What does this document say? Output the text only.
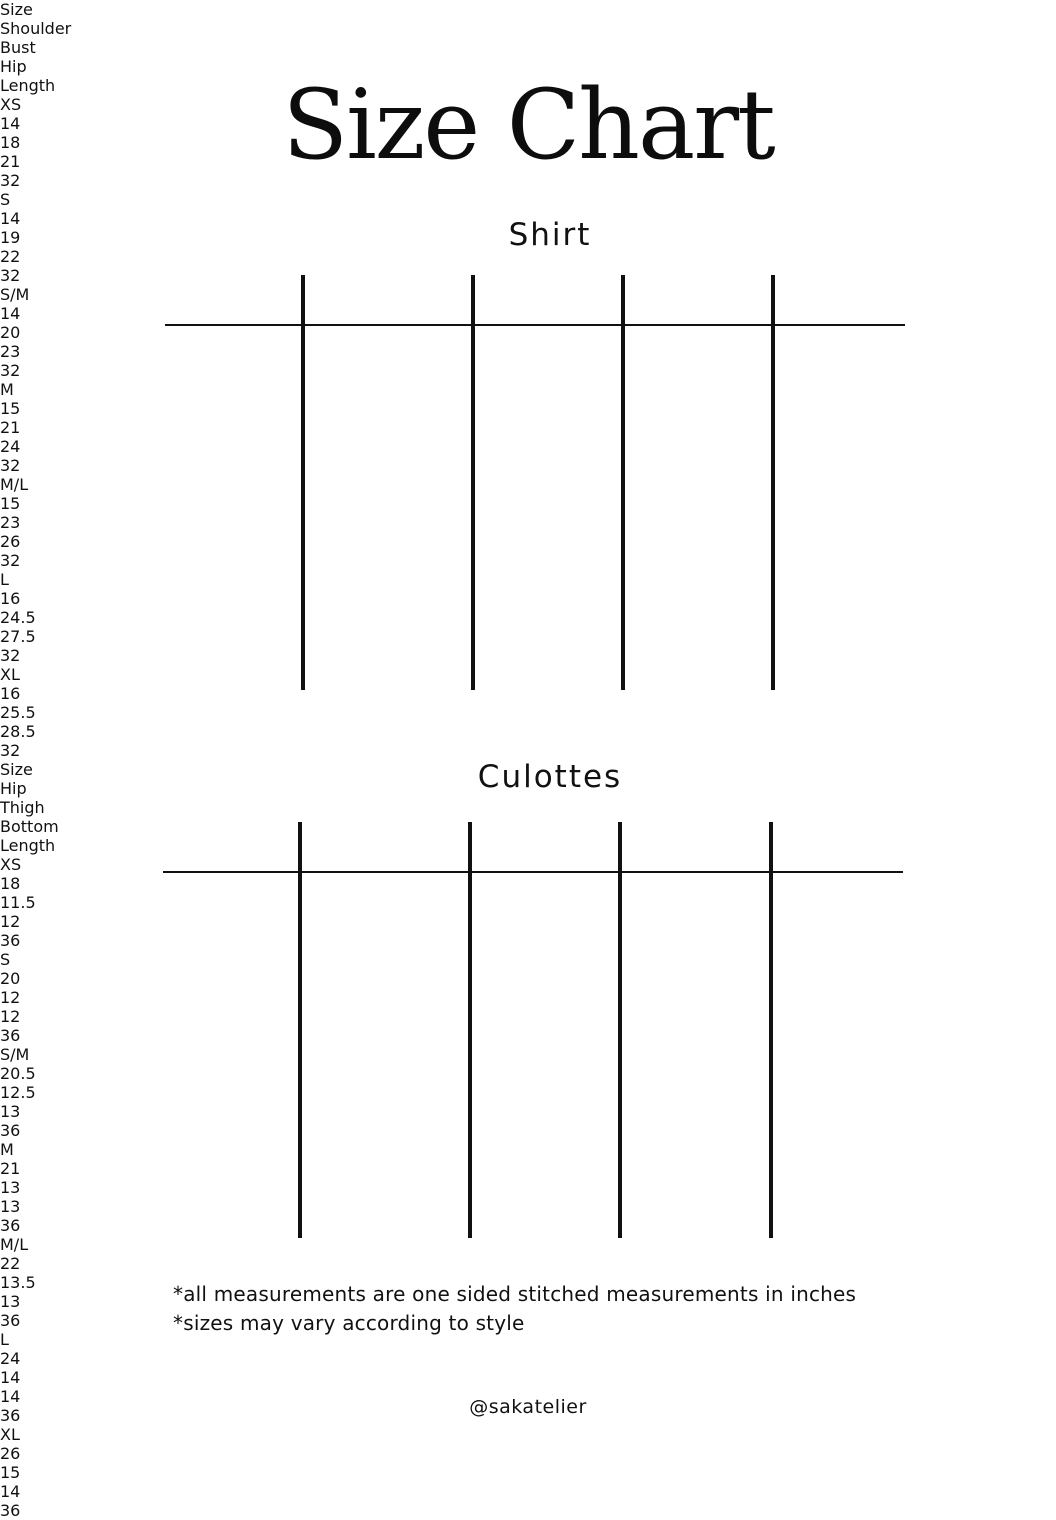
Size Chart
Shirt
Culottes

*all measurements are one sided stitched measurements in inches

*sizes may vary according to style

@sakatelier

Size
Shoulder
Bust
Hip
Length
XS
14
18
21
32
S
14
19
22
32
S/M
14
20
23
32
M
15
21
24
32
M/L
15
23
26
32
L
16
24.5
27.5
32
XL
16
25.5
28.5
32
Size
Hip
Thigh
Bottom
Length
XS
18
11.5
12
36
S
20
12
12
36
S/M
20.5
12.5
13
36
M
21
13
13
36
M/L
22
13.5
13
36
L
24
14
14
36
XL
26
15
14
36
